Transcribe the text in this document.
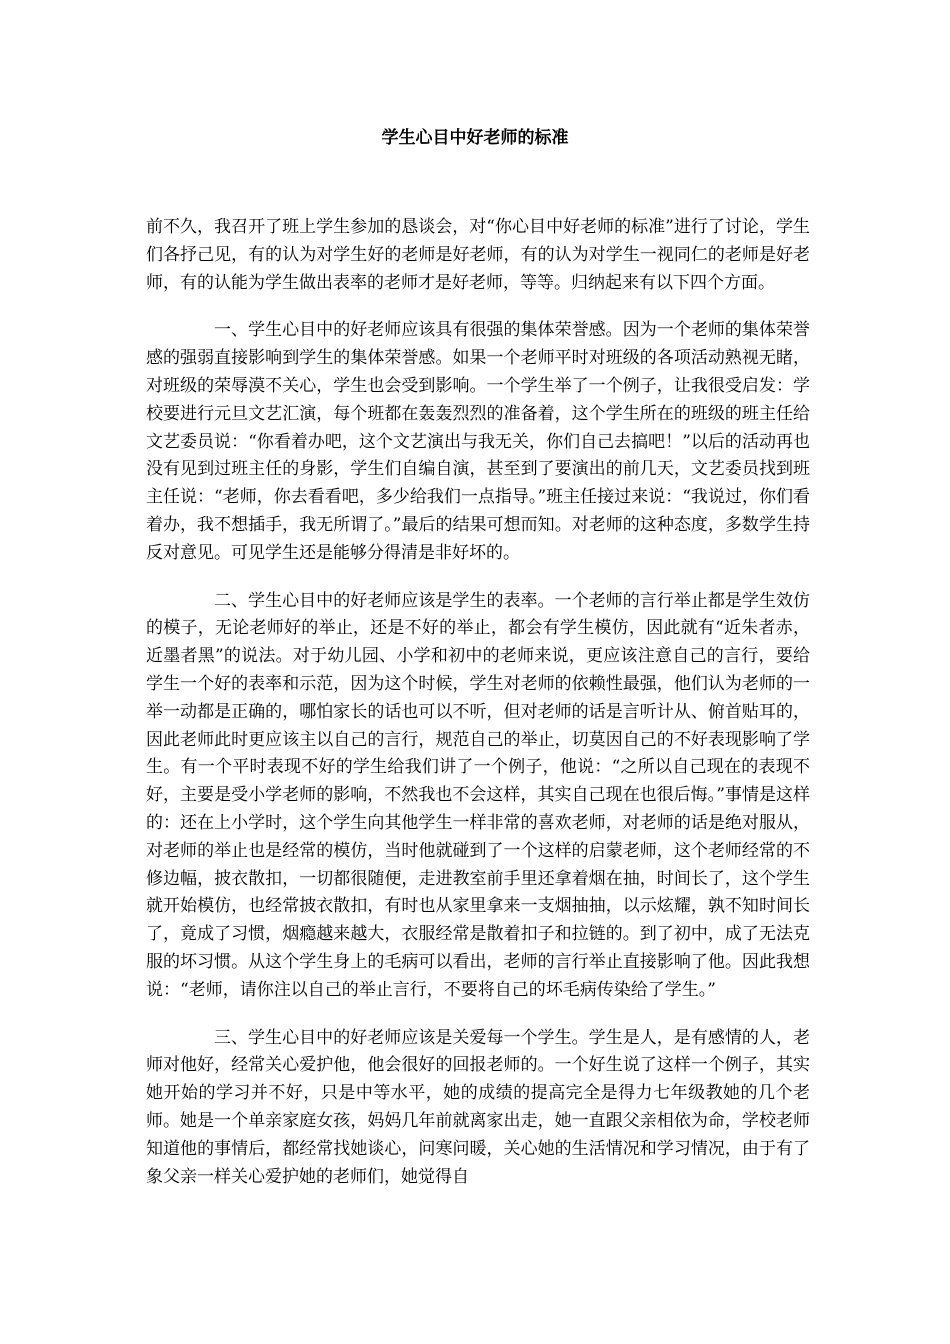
学生心目中好老师的标准

前不久，我召开了班上学生参加的恳谈会，对“你心目中好老师的标准”进行了讨论，学生们各抒己见，有的认为对学生好的老师是好老师，有的认为对学生一视同仁的老师是好老师，有的认能为学生做出表率的老师才是好老师，等等。归纳起来有以下四个方面。

一、学生心目中的好老师应该具有很强的集体荣誉感。因为一个老师的集体荣誉感的强弱直接影响到学生的集体荣誉感。如果一个老师平时对班级的各项活动熟视无睹，对班级的荣辱漠不关心，学生也会受到影响。一个学生举了一个例子，让我很受启发：学校要进行元旦文艺汇演，每个班都在轰轰烈烈的准备着，这个学生所在的班级的班主任给文艺委员说：“你看着办吧，这个文艺演出与我无关，你们自己去搞吧！”以后的活动再也没有见到过班主任的身影，学生们自编自演，甚至到了要演出的前几天，文艺委员找到班主任说：“老师，你去看看吧，多少给我们一点指导。”班主任接过来说：“我说过，你们看着办，我不想插手，我无所谓了。”最后的结果可想而知。对老师的这种态度，多数学生持反对意见。可见学生还是能够分得清是非好坏的。

二、学生心目中的好老师应该是学生的表率。一个老师的言行举止都是学生效仿的模子，无论老师好的举止，还是不好的举止，都会有学生模仿，因此就有“近朱者赤，近墨者黑”的说法。对于幼儿园、小学和初中的老师来说，更应该注意自己的言行，要给学生一个好的表率和示范，因为这个时候，学生对老师的依赖性最强，他们认为老师的一举一动都是正确的，哪怕家长的话也可以不听，但对老师的话是言听计从、俯首贴耳的，因此老师此时更应该主以自己的言行，规范自己的举止，切莫因自己的不好表现影响了学生。有一个平时表现不好的学生给我们讲了一个例子，他说：“之所以自己现在的表现不好，主要是受小学老师的影响，不然我也不会这样，其实自己现在也很后悔。”事情是这样的：还在上小学时，这个学生向其他学生一样非常的喜欢老师，对老师的话是绝对服从，对老师的举止也是经常的模仿，当时他就碰到了一个这样的启蒙老师，这个老师经常的不修边幅，披衣散扣，一切都很随便，走进教室前手里还拿着烟在抽，时间长了，这个学生就开始模仿，也经常披衣散扣，有时也从家里拿来一支烟抽抽，以示炫耀，孰不知时间长了，竟成了习惯，烟瘾越来越大，衣服经常是散着扣子和拉链的。到了初中，成了无法克服的坏习惯。从这个学生身上的毛病可以看出，老师的言行举止直接影响了他。因此我想说：“老师，请你注以自己的举止言行，不要将自己的坏毛病传染给了学生。”

三、学生心目中的好老师应该是关爱每一个学生。学生是人，是有感情的人，老师对他好，经常关心爱护他，他会很好的回报老师的。一个好生说了这样一个例子，其实她开始的学习并不好，只是中等水平，她的成绩的提高完全是得力七年级教她的几个老师。她是一个单亲家庭女孩，妈妈几年前就离家出走，她一直跟父亲相依为命，学校老师知道他的事情后，都经常找她谈心，问寒问暖，关心她的生活情况和学习情况，由于有了象父亲一样关心爱护她的老师们，她觉得自
